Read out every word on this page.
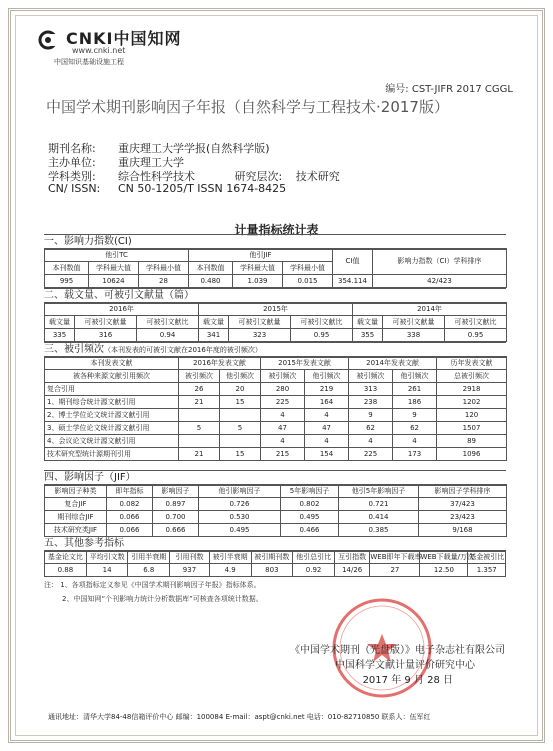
CNKI中国知网
www.cnki.net
中国知识基础设施工程
编号: CST-JIFR 2017 CGGL
中国学术期刊影响因子年报（自然科学与工程技术·2017版）
期刊名称: 重庆理工大学学报(自然科学版)
主办单位: 重庆理工大学
学科类別: 综合性科学技术	研究层次: 技术研究
CN/ ISSN: CN 50-1205/T ISSN 1674-8425
计量指标统计表
一、影响力指数(CI)
他引TC			他引JIF			CI值	影响力指数（CI）学科排序
本刊数值	学科最大值	学科最小值	本刊数值	学科最大值	学科最小值		
995	10624	28	0.480	1.039	0.015	354.114	42/423
二、载文量、可被引文献量（篇）
2016年			2015年			2014年		
载文量	可被引文献量	可被引文献比	载文量	可被引文献量	可被引文献比	载文量	可被引文献量	可被引文献比
335	316	0.94	341	323	0.95	355	338	0.95
三、被引频次（本刊发表的可被引文献在2016年度的被引频次）
本刊发表文献	2016年发表文献		2015年发表文献		2014年发表文献		历年发表文献
被各种来源文献引用频次	被引频次	他引频次	被引频次	他引频次	被引频次	他引频次	总被引频次
复合引用	26	20	280	219	313	261	2918
1、期刊综合统计源文献引用	21	15	225	164	238	186	1202
2、博士学位论文统计源文献引用			4	4	9	9	120
3、硕士学位论文统计源文献引用	5	5	47	47	62	62	1507
4、会议论文统计源文献引用			4	4	4	4	89
技术研究型统计源期刊引用	21	15	215	154	225	173	1096
四、影响因子（JIF）
影响因子种类	即年指标	影响因子	他引影响因子	5年影响因子	他引5年影响因子	影响因子学科排序
复合JIF	0.082	0.897	0.726	0.802	0.721	37/423
期刊综合JIF	0.066	0.700	0.530	0.495	0.414	23/423
技术研究类JIF	0.066	0.666	0.495	0.466	0.385	9/168
五、其他参考指标
基金论文比	平均引文数	引用半衰期	引用刊数	被引半衰期	被引期刊数	他引总引比	互引指数	WEB即年下载率	WEB下载量/万次	基金被引比
0.88	14	6.8	937	4.9	803	0.92	14/26	27	12.50	1.357
注： 1、各项指标定义参见《中国学术期刊影响因子年报》指标体系。
2、中国知网“个刊影响力统计分析数据库”可核查各项统计数据。
《中国学术期刊（光盘版）》电子杂志社有限公司
中国科学文献计量评价研究中心
2017 年 9 月 28 日
通讯地址：清华大学84-48信箱评价中心 邮编：100084 E-mail：aspt@cnki.net 电话：010-82710850 联系人：伍军红
